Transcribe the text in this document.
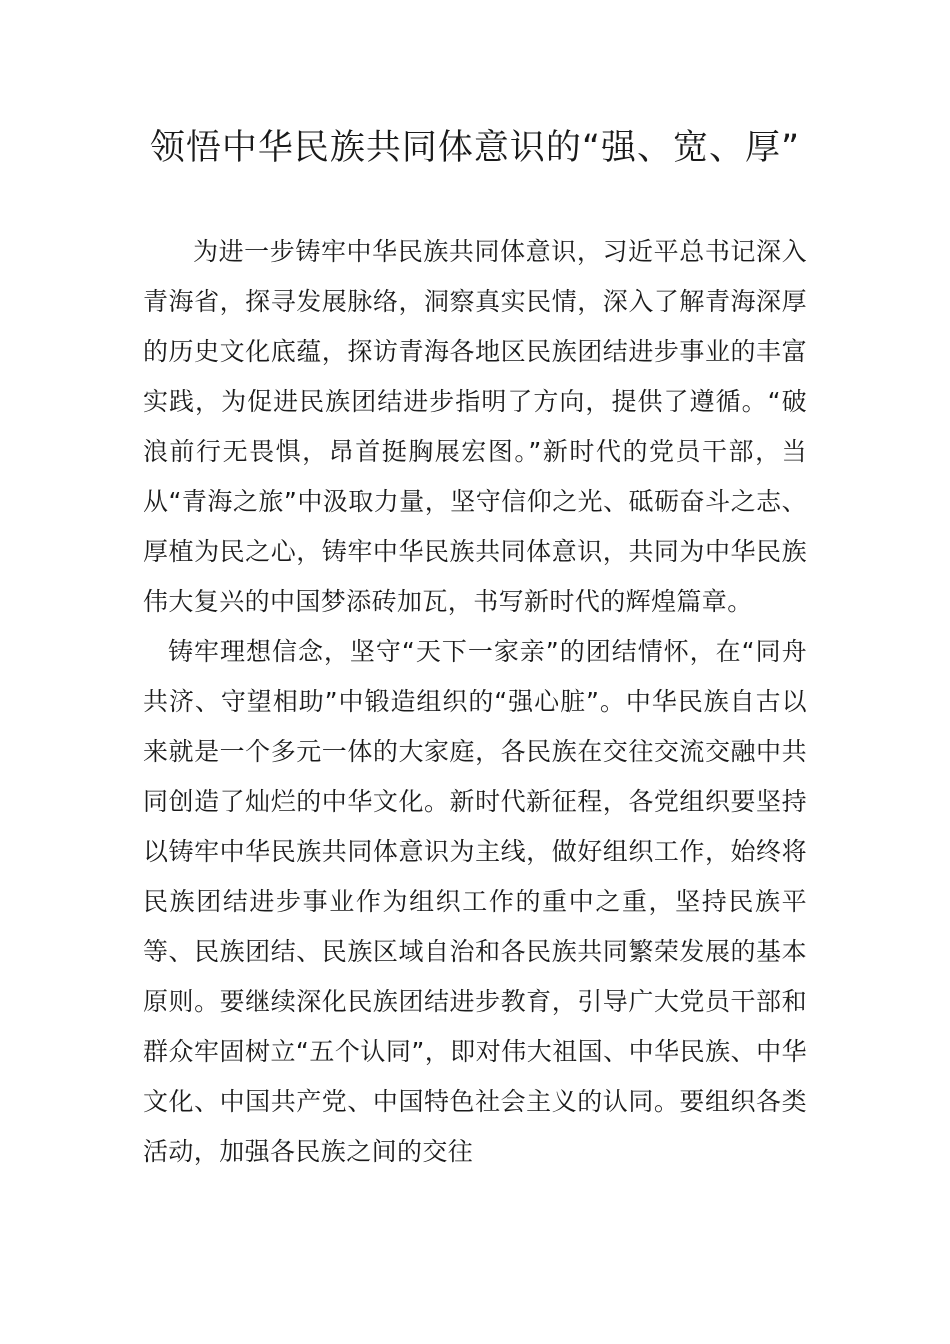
领悟中华民族共同体意识的“强、宽、厚”

为进一步铸牢中华民族共同体意识，习近平总书记深入青海省，探寻发展脉络，洞察真实民情，深入了解青海深厚的历史文化底蕴，探访青海各地区民族团结进步事业的丰富实践，为促进民族团结进步指明了方向，提供了遵循。“破浪前行无畏惧，昂首挺胸展宏图。”新时代的党员干部，当从“青海之旅”中汲取力量，坚守信仰之光、砥砺奋斗之志、厚植为民之心，铸牢中华民族共同体意识，共同为中华民族伟大复兴的中国梦添砖加瓦，书写新时代的辉煌篇章。

铸牢理想信念，坚守“天下一家亲”的团结情怀，在“同舟共济、守望相助”中锻造组织的“强心脏”。中华民族自古以来就是一个多元一体的大家庭，各民族在交往交流交融中共同创造了灿烂的中华文化。新时代新征程，各党组织要坚持以铸牢中华民族共同体意识为主线，做好组织工作，始终将民族团结进步事业作为组织工作的重中之重，坚持民族平等、民族团结、民族区域自治和各民族共同繁荣发展的基本原则。要继续深化民族团结进步教育，引导广大党员干部和群众牢固树立“五个认同”，即对伟大祖国、中华民族、中华文化、中国共产党、中国特色社会主义的认同。要组织各类活动，加强各民族之间的交往
